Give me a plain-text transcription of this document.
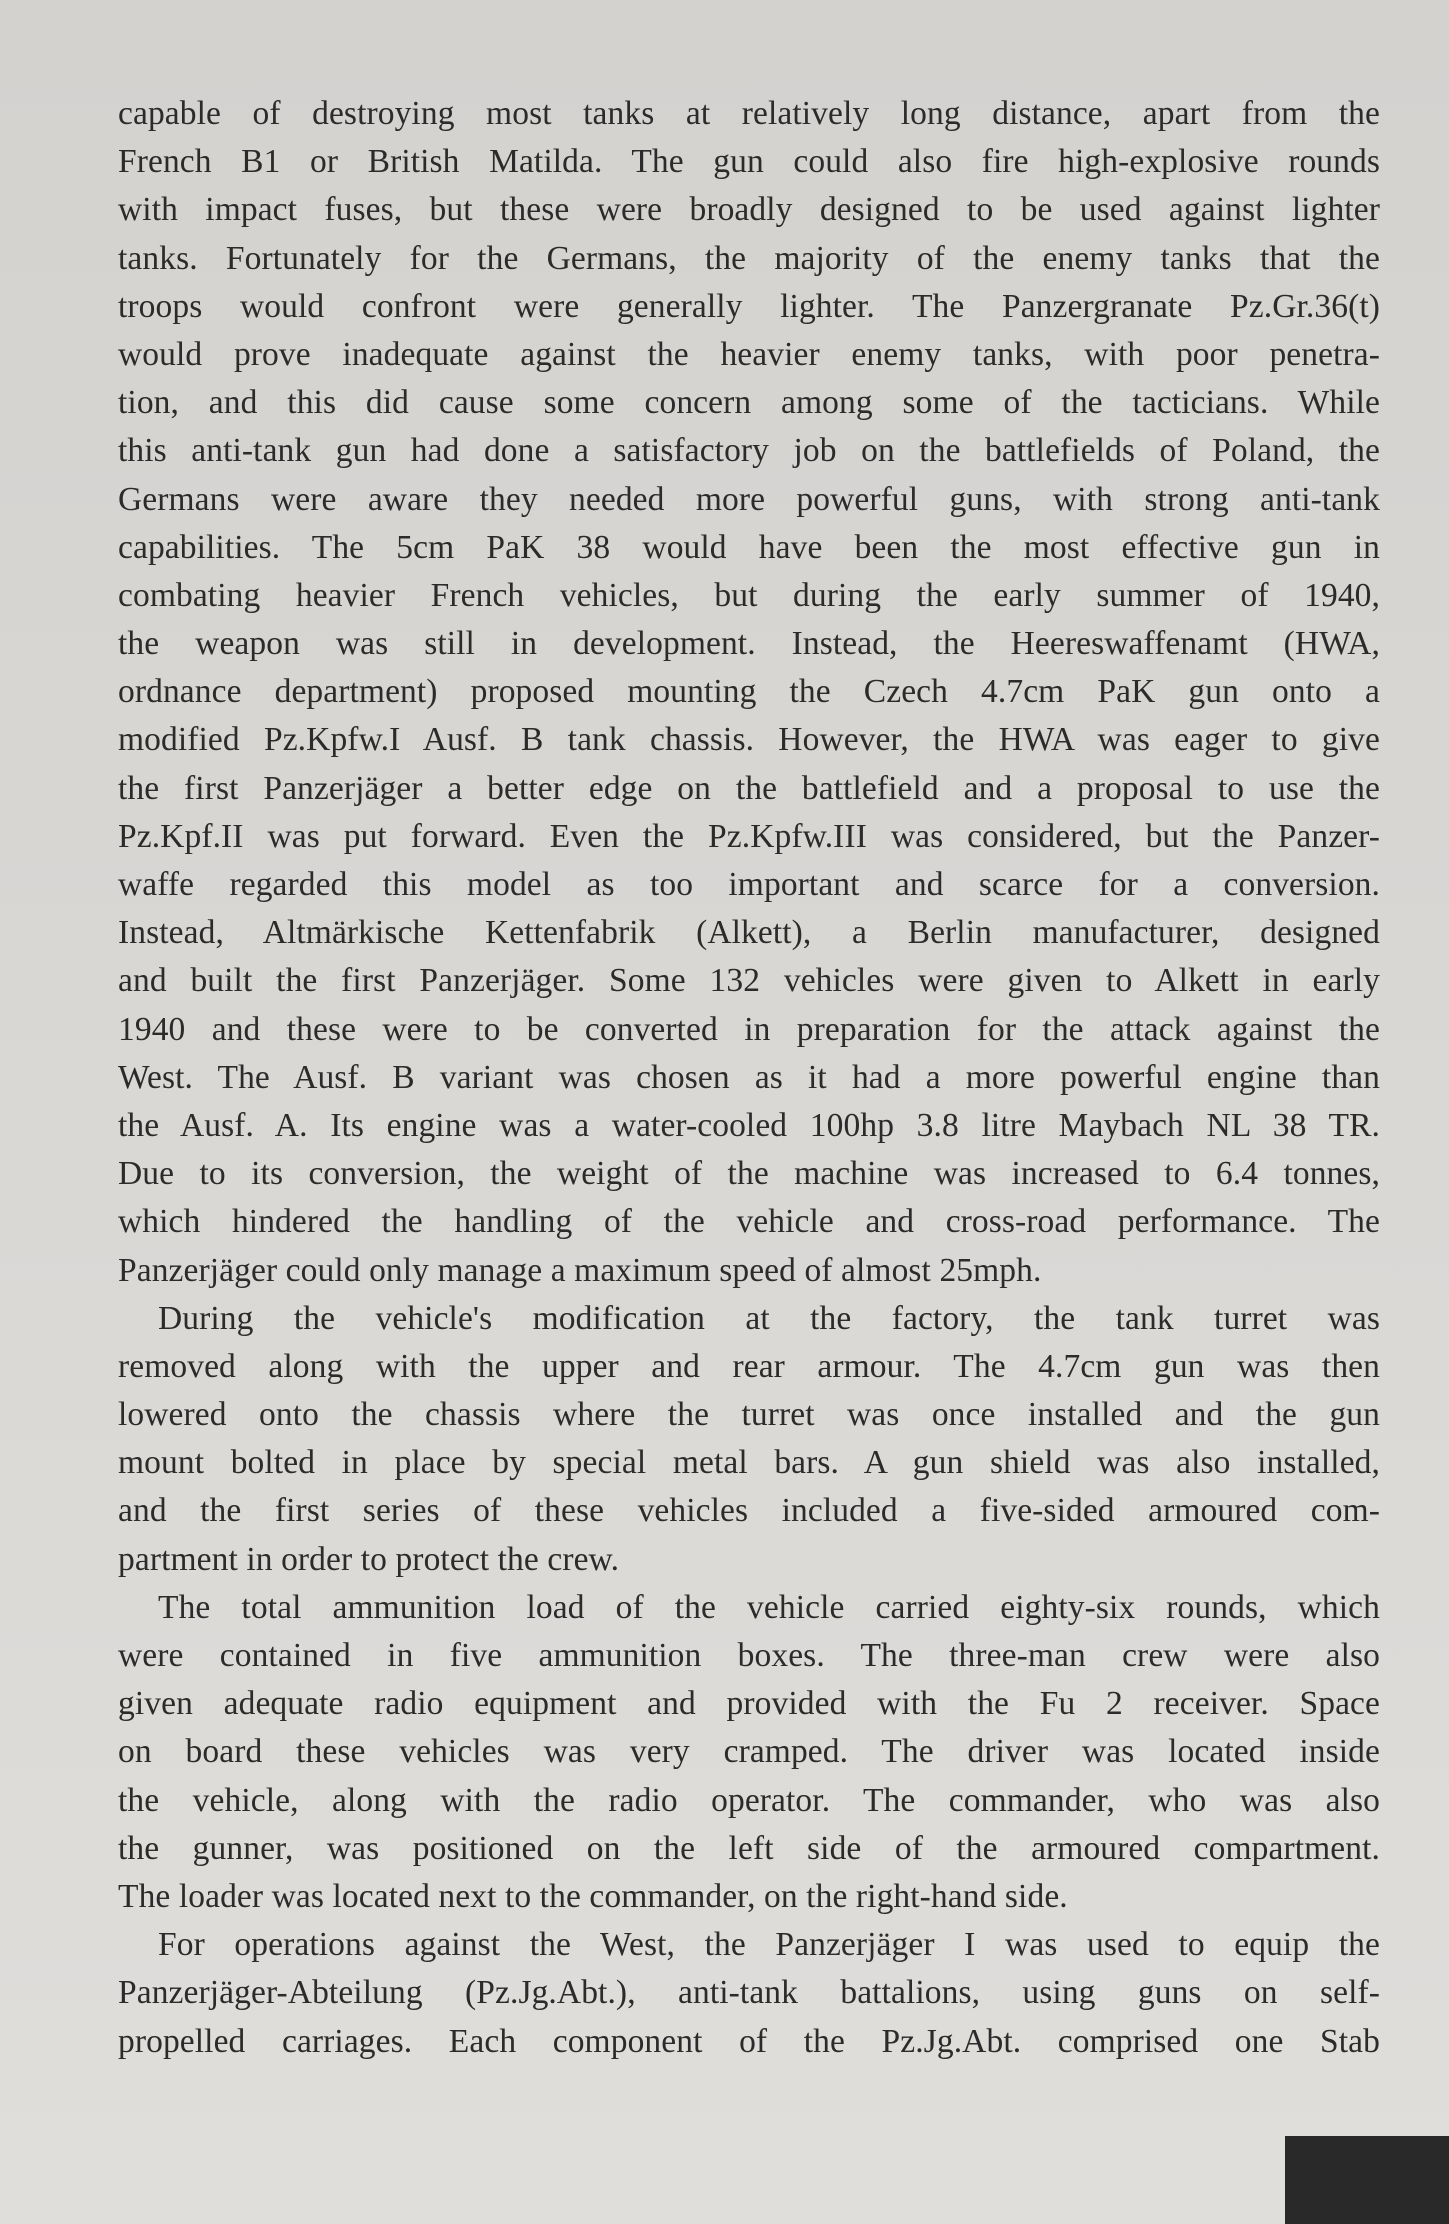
capable of destroying most tanks at relatively long distance, apart from the
French B1 or British Matilda. The gun could also fire high-explosive rounds
with impact fuses, but these were broadly designed to be used against lighter
tanks. Fortunately for the Germans, the majority of the enemy tanks that the
troops would confront were generally lighter. The Panzergranate Pz.Gr.36(t)
would prove inadequate against the heavier enemy tanks, with poor penetra-
tion, and this did cause some concern among some of the tacticians. While
this anti-tank gun had done a satisfactory job on the battlefields of Poland, the
Germans were aware they needed more powerful guns, with strong anti-tank
capabilities. The 5cm PaK 38 would have been the most effective gun in
combating heavier French vehicles, but during the early summer of 1940,
the weapon was still in development. Instead, the Heereswaffenamt (HWA,
ordnance department) proposed mounting the Czech 4.7cm PaK gun onto a
modified Pz.Kpfw.I Ausf. B tank chassis. However, the HWA was eager to give
the first Panzerjäger a better edge on the battlefield and a proposal to use the
Pz.Kpf.II was put forward. Even the Pz.Kpfw.III was considered, but the Panzer-
waffe regarded this model as too important and scarce for a conversion.
Instead, Altmärkische Kettenfabrik (Alkett), a Berlin manufacturer, designed
and built the first Panzerjäger. Some 132 vehicles were given to Alkett in early
1940 and these were to be converted in preparation for the attack against the
West. The Ausf. B variant was chosen as it had a more powerful engine than
the Ausf. A. Its engine was a water-cooled 100hp 3.8 litre Maybach NL 38 TR.
Due to its conversion, the weight of the machine was increased to 6.4 tonnes,
which hindered the handling of the vehicle and cross-road performance. The
Panzerjäger could only manage a maximum speed of almost 25mph.
During the vehicle's modification at the factory, the tank turret was
removed along with the upper and rear armour. The 4.7cm gun was then
lowered onto the chassis where the turret was once installed and the gun
mount bolted in place by special metal bars. A gun shield was also installed,
and the first series of these vehicles included a five-sided armoured com-
partment in order to protect the crew.
The total ammunition load of the vehicle carried eighty-six rounds, which
were contained in five ammunition boxes. The three-man crew were also
given adequate radio equipment and provided with the Fu 2 receiver. Space
on board these vehicles was very cramped. The driver was located inside
the vehicle, along with the radio operator. The commander, who was also
the gunner, was positioned on the left side of the armoured compartment.
The loader was located next to the commander, on the right-hand side.
For operations against the West, the Panzerjäger I was used to equip the
Panzerjäger-Abteilung (Pz.Jg.Abt.), anti-tank battalions, using guns on self-
propelled carriages. Each component of the Pz.Jg.Abt. comprised one Stab
